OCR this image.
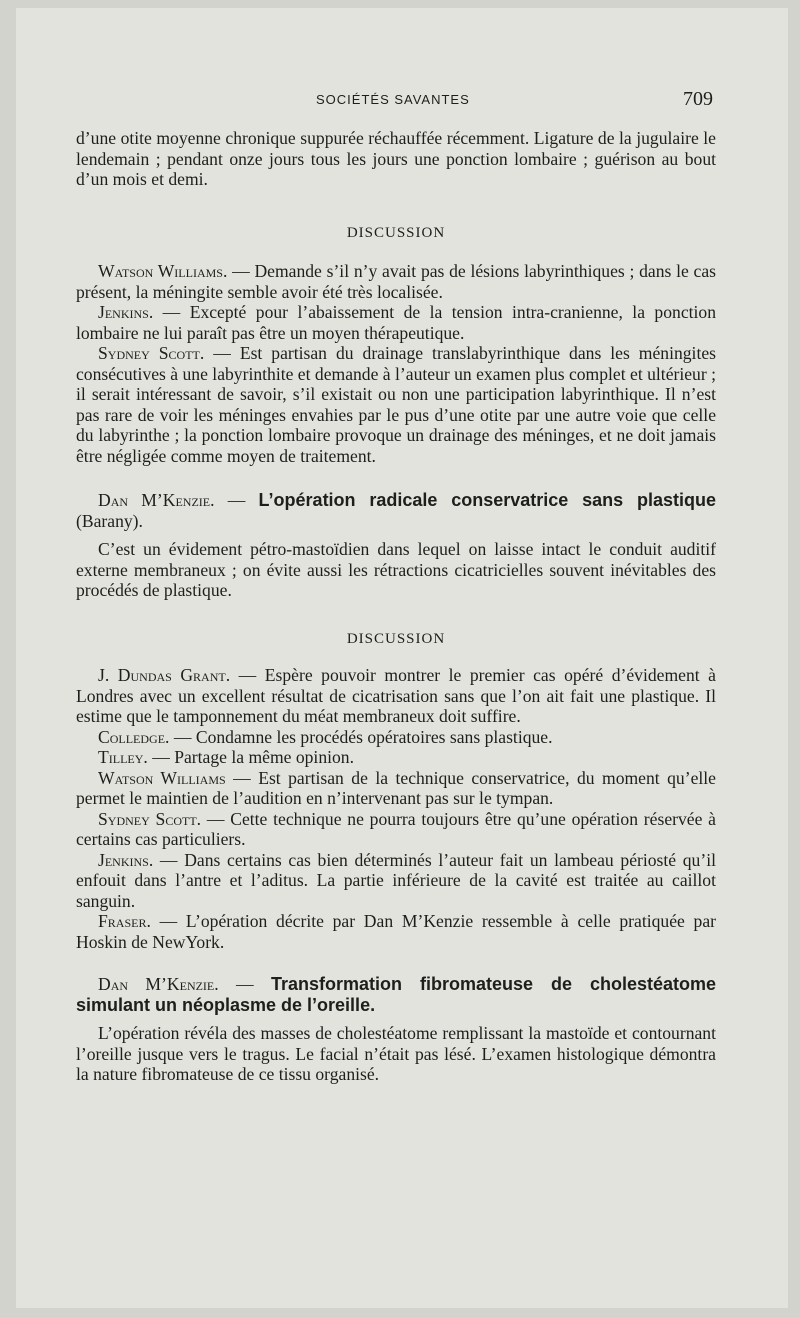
SOCIÉTÉS SAVANTES	709

d’une otite moyenne chronique suppurée réchauffée récemment. Ligature de la jugulaire le lendemain ; pendant onze jours tous les jours une ponction lombaire ; guérison au bout d’un mois et demi.

DISCUSSION

Watson Williams. — Demande s’il n’y avait pas de lésions labyrinthiques ; dans le cas présent, la méningite semble avoir été très localisée.

Jenkins. — Excepté pour l’abaissement de la tension intra-cranienne, la ponction lombaire ne lui paraît pas être un moyen thérapeutique.

Sydney Scott. — Est partisan du drainage translabyrinthique dans les méningites consécutives à une labyrinthite et demande à l’auteur un examen plus complet et ultérieur ; il serait intéressant de savoir, s’il existait ou non une participation labyrinthique. Il n’est pas rare de voir les méninges envahies par le pus d’une otite par une autre voie que celle du labyrinthe ; la ponction lombaire provoque un drainage des méninges, et ne doit jamais être négligée comme moyen de traitement.

Dan M’Kenzie. — L’opération radicale conservatrice sans plastique (Barany).

C’est un évidement pétro-mastoïdien dans lequel on laisse intact le conduit auditif externe membraneux ; on évite aussi les rétractions cicatricielles souvent inévitables des procédés de plastique.

DISCUSSION

J. Dundas Grant. — Espère pouvoir montrer le premier cas opéré d’évidement à Londres avec un excellent résultat de cicatrisation sans que l’on ait fait une plastique. Il estime que le tamponnement du méat membraneux doit suffire.

Colledge. — Condamne les procédés opératoires sans plastique.

Tilley. — Partage la même opinion.

Watson Williams — Est partisan de la technique conservatrice, du moment qu’elle permet le maintien de l’audition en n’intervenant pas sur le tympan.

Sydney Scott. — Cette technique ne pourra toujours être qu’une opération réservée à certains cas particuliers.

Jenkins. — Dans certains cas bien déterminés l’auteur fait un lambeau périosté qu’il enfouit dans l’antre et l’aditus. La partie inférieure de la cavité est traitée au caillot sanguin.

Fraser. — L’opération décrite par Dan M’Kenzie ressemble à celle pratiquée par Hoskin de NewYork.

Dan M’Kenzie. — Transformation fibromateuse de cholestéatome simulant un néoplasme de l’oreille.

L’opération révéla des masses de cholestéatome remplissant la mastoïde et contournant l’oreille jusque vers le tragus. Le facial n’était pas lésé. L’examen histologique démontra la nature fibromateuse de ce tissu organisé.
